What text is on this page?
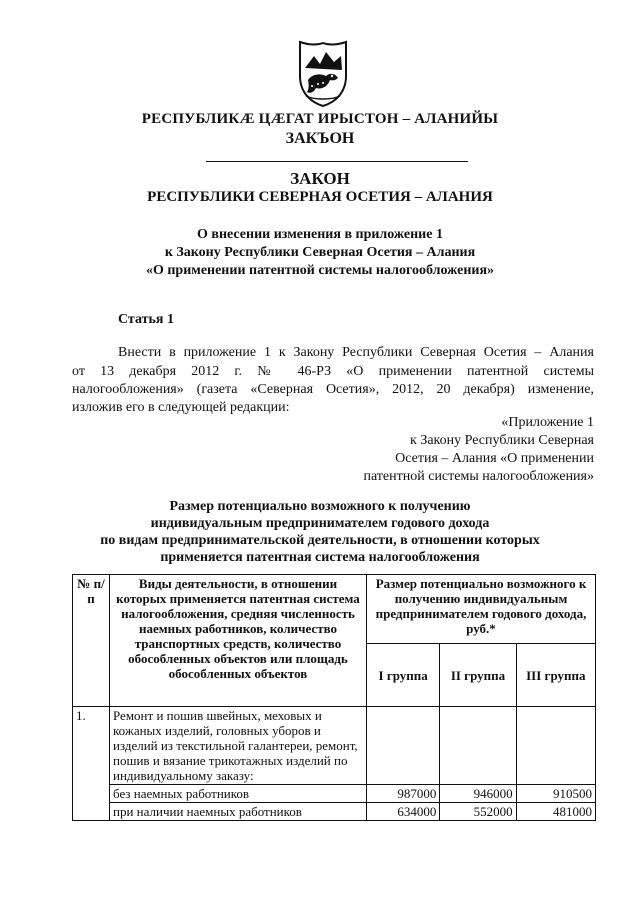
РЕСПУБЛИКÆ ЦÆГАТ ИРЫСТОН – АЛАНИЙЫ
ЗАКЪОН
ЗАКОН
РЕСПУБЛИКИ СЕВЕРНАЯ ОСЕТИЯ – АЛАНИЯ
О внесении изменения в приложение 1
к Закону Республики Северная Осетия – Алания
«О применении патентной системы налогообложения»
Статья 1
Внести в приложение 1 к Закону Республики Северная Осетия – Алания
от 13 декабря 2012 г. № 46-РЗ «О применении патентной системы
налогообложения» (газета «Северная Осетия», 2012, 20 декабря) изменение,
изложив его в следующей редакции:
«Приложение 1
к Закону Республики Северная
Осетия – Алания «О применении
патентной системы налогообложения»
Размер потенциально возможного к получению
индивидуальным предпринимателем годового дохода
по видам предпринимательской деятельности, в отношении которых
применяется патентная система налогообложения
№ п/п	Виды деятельности, в отношении которых применяется патентная система налогообложения, средняя численность наемных работников, количество транспортных средств, количество обособленных объектов или площадь обособленных объектов	Размер потенциально возможного к получению индивидуальным предпринимателем годового дохода, руб.*		
		I группа	II группа	III группа
1.	Ремонт и пошив швейных, меховых и кожаных изделий, головных уборов и изделий из текстильной галантереи, ремонт, пошив и вязание трикотажных изделий по индивидуальному заказу:			
	без наемных работников	987000	946000	910500
	при наличии наемных работников	634000	552000	481000
